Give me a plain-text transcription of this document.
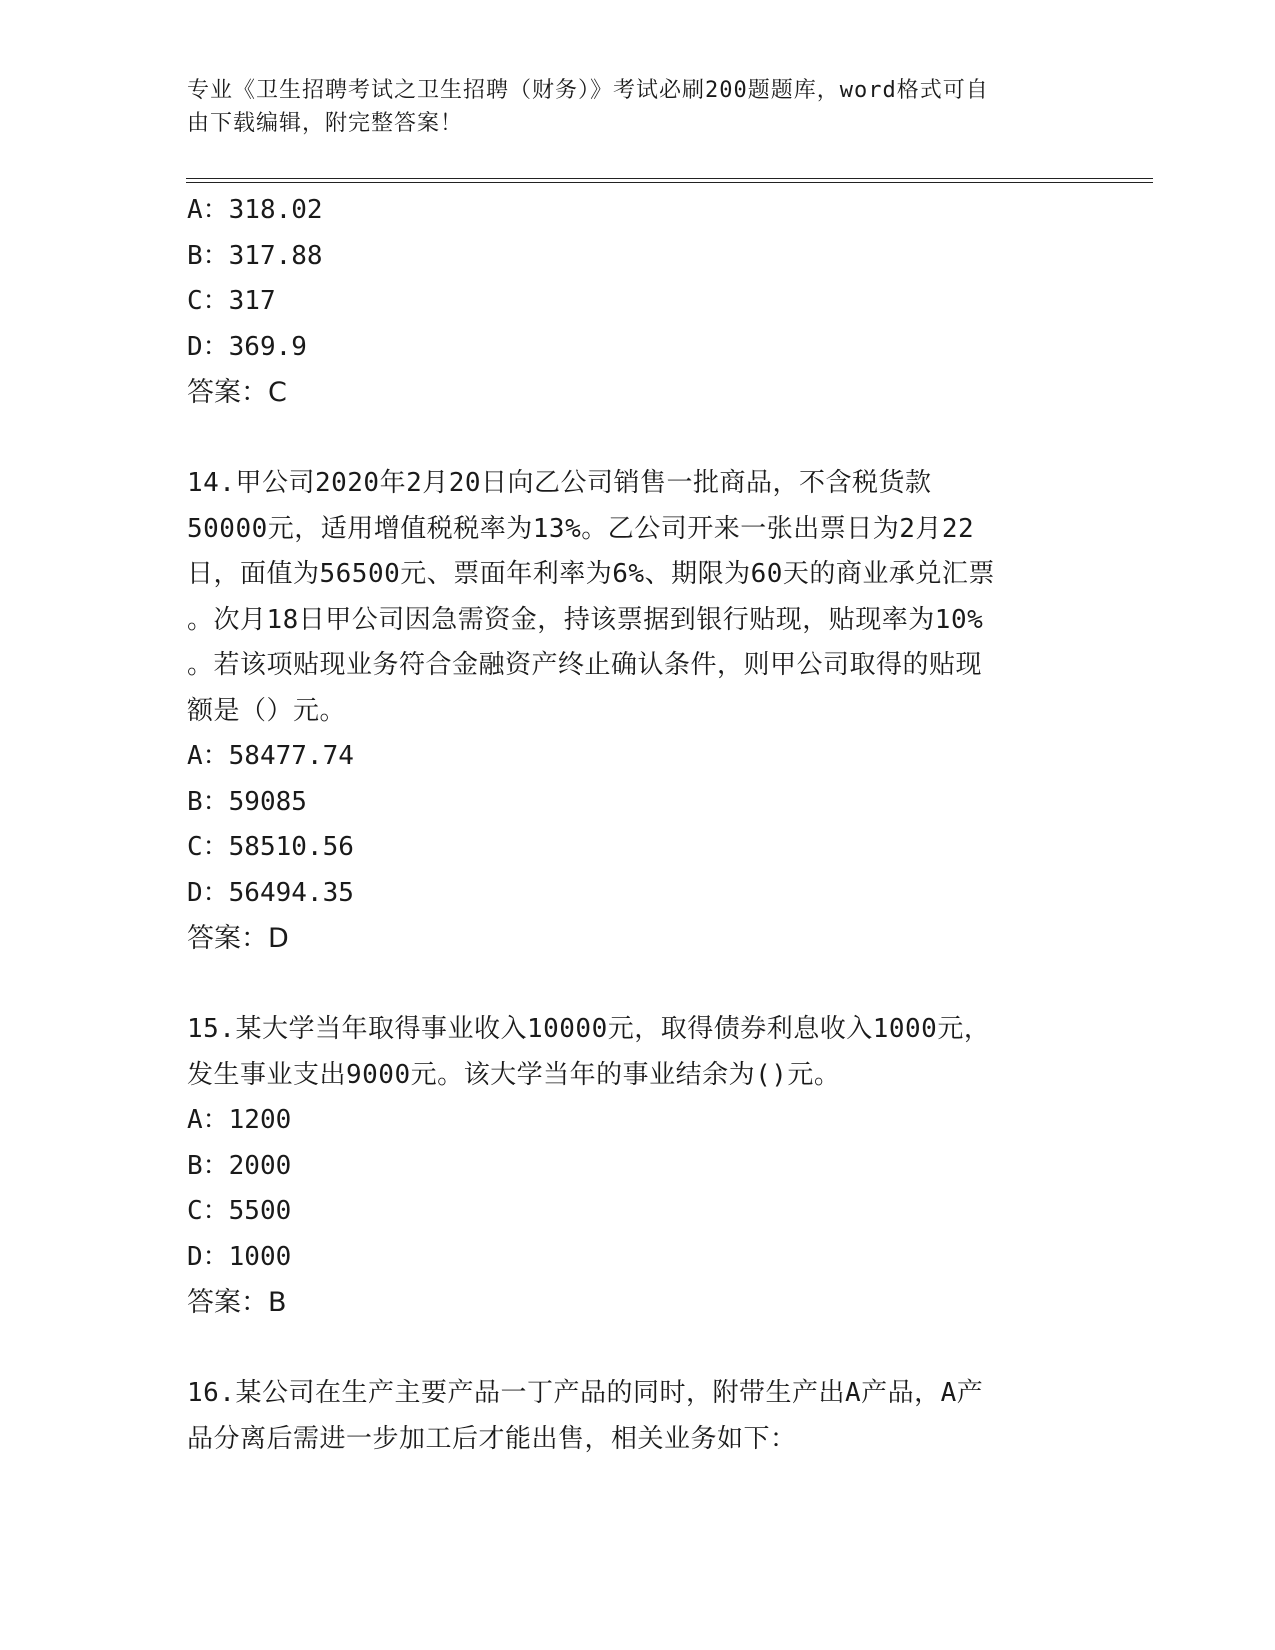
专业《卫生招聘考试之卫生招聘（财务）》考试必刷200题题库，word格式可自
由下载编辑，附完整答案！
A：318.02
B：317.88
C：317
D：369.9
答案：C
14.甲公司2020年2月20日向乙公司销售一批商品，不含税货款
50000元，适用增值税税率为13%。乙公司开来一张出票日为2月22
日，面值为56500元、票面年利率为6%、期限为60天的商业承兑汇票
。次月18日甲公司因急需资金，持该票据到银行贴现，贴现率为10%
。若该项贴现业务符合金融资产终止确认条件，则甲公司取得的贴现
额是（）元。
A：58477.74
B：59085
C：58510.56
D：56494.35
答案：D
15.某大学当年取得事业收入10000元，取得债券利息收入1000元，
发生事业支出9000元。该大学当年的事业结余为()元。
A：1200
B：2000
C：5500
D：1000
答案：B
16.某公司在生产主要产品一丁产品的同时，附带生产出A产品，A产
品分离后需进一步加工后才能出售，相关业务如下：
